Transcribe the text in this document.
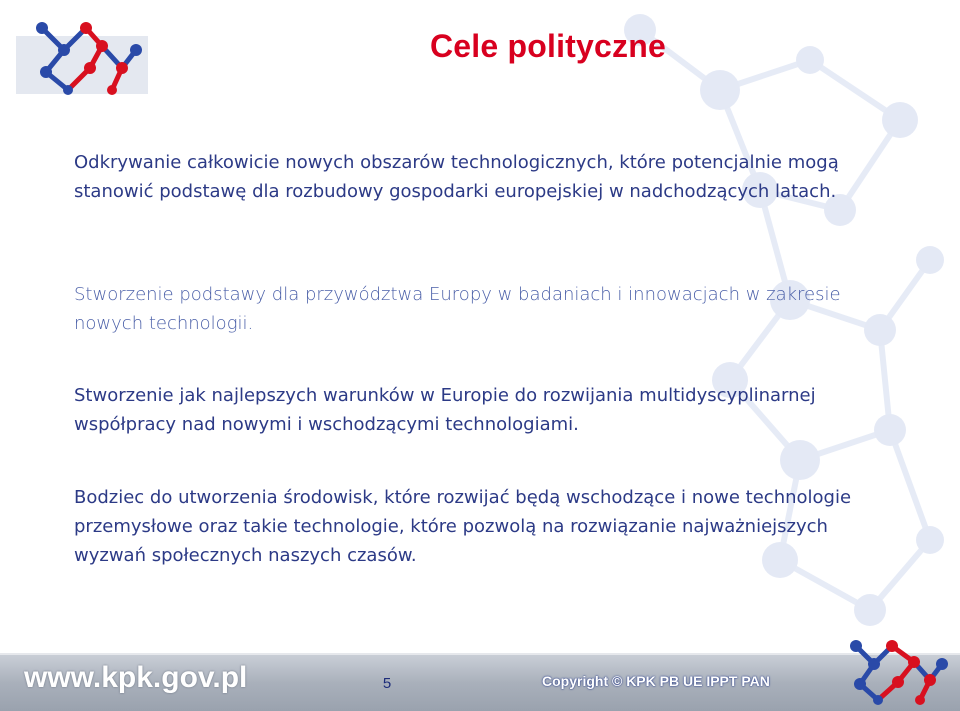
Cele polityczne

Odkrywanie całkowicie nowych obszarów technologicznych, które potencjalnie mogą stanowić podstawę dla rozbudowy gospodarki europejskiej w nadchodzących latach.

Stworzenie podstawy dla przywództwa Europy w badaniach i innowacjach w zakresie nowych technologii.

Stworzenie jak najlepszych warunków w Europie do rozwijania multidyscyplinarnej współpracy nad nowymi i wschodzącymi technologiami.

Bodziec do utworzenia środowisk, które rozwijać będą wschodzące i nowe technologie przemysłowe oraz takie technologie, które pozwolą na rozwiązanie najważniejszych wyzwań społecznych naszych czasów.

www.kpk.gov.pl	5	Copyright © KPK PB UE IPPT PAN
